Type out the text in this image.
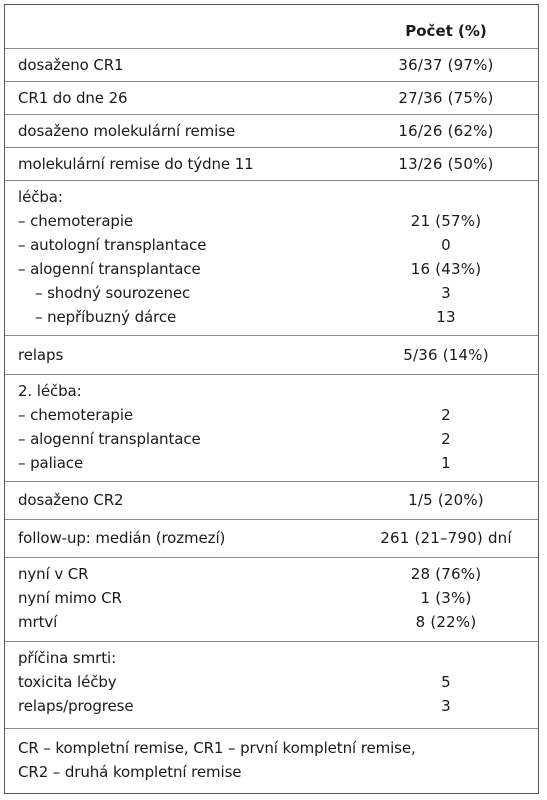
Počet (%)
dosaženo CR1	36/37 (97%)
CR1 do dne 26	27/36 (75%)
dosaženo molekulární remise	16/26 (62%)
molekulární remise do týdne 11	13/26 (50%)
léčba:
– chemoterapie	21 (57%)
– autologní transplantace	0
– alogenní transplantace	16 (43%)
– shodný sourozenec	3
– nepříbuzný dárce	13
relaps	5/36 (14%)
2. léčba:
– chemoterapie	2
– alogenní transplantace	2
– paliace	1
dosaženo CR2	1/5 (20%)
follow-up: medián (rozmezí)	261 (21–790) dní
nyní v CR	28 (76%)
nyní mimo CR	1 (3%)
mrtví	8 (22%)
příčina smrti:
toxicita léčby	5
relaps/progrese	3
CR – kompletní remise, CR1 – první kompletní remise,
CR2 – druhá kompletní remise
